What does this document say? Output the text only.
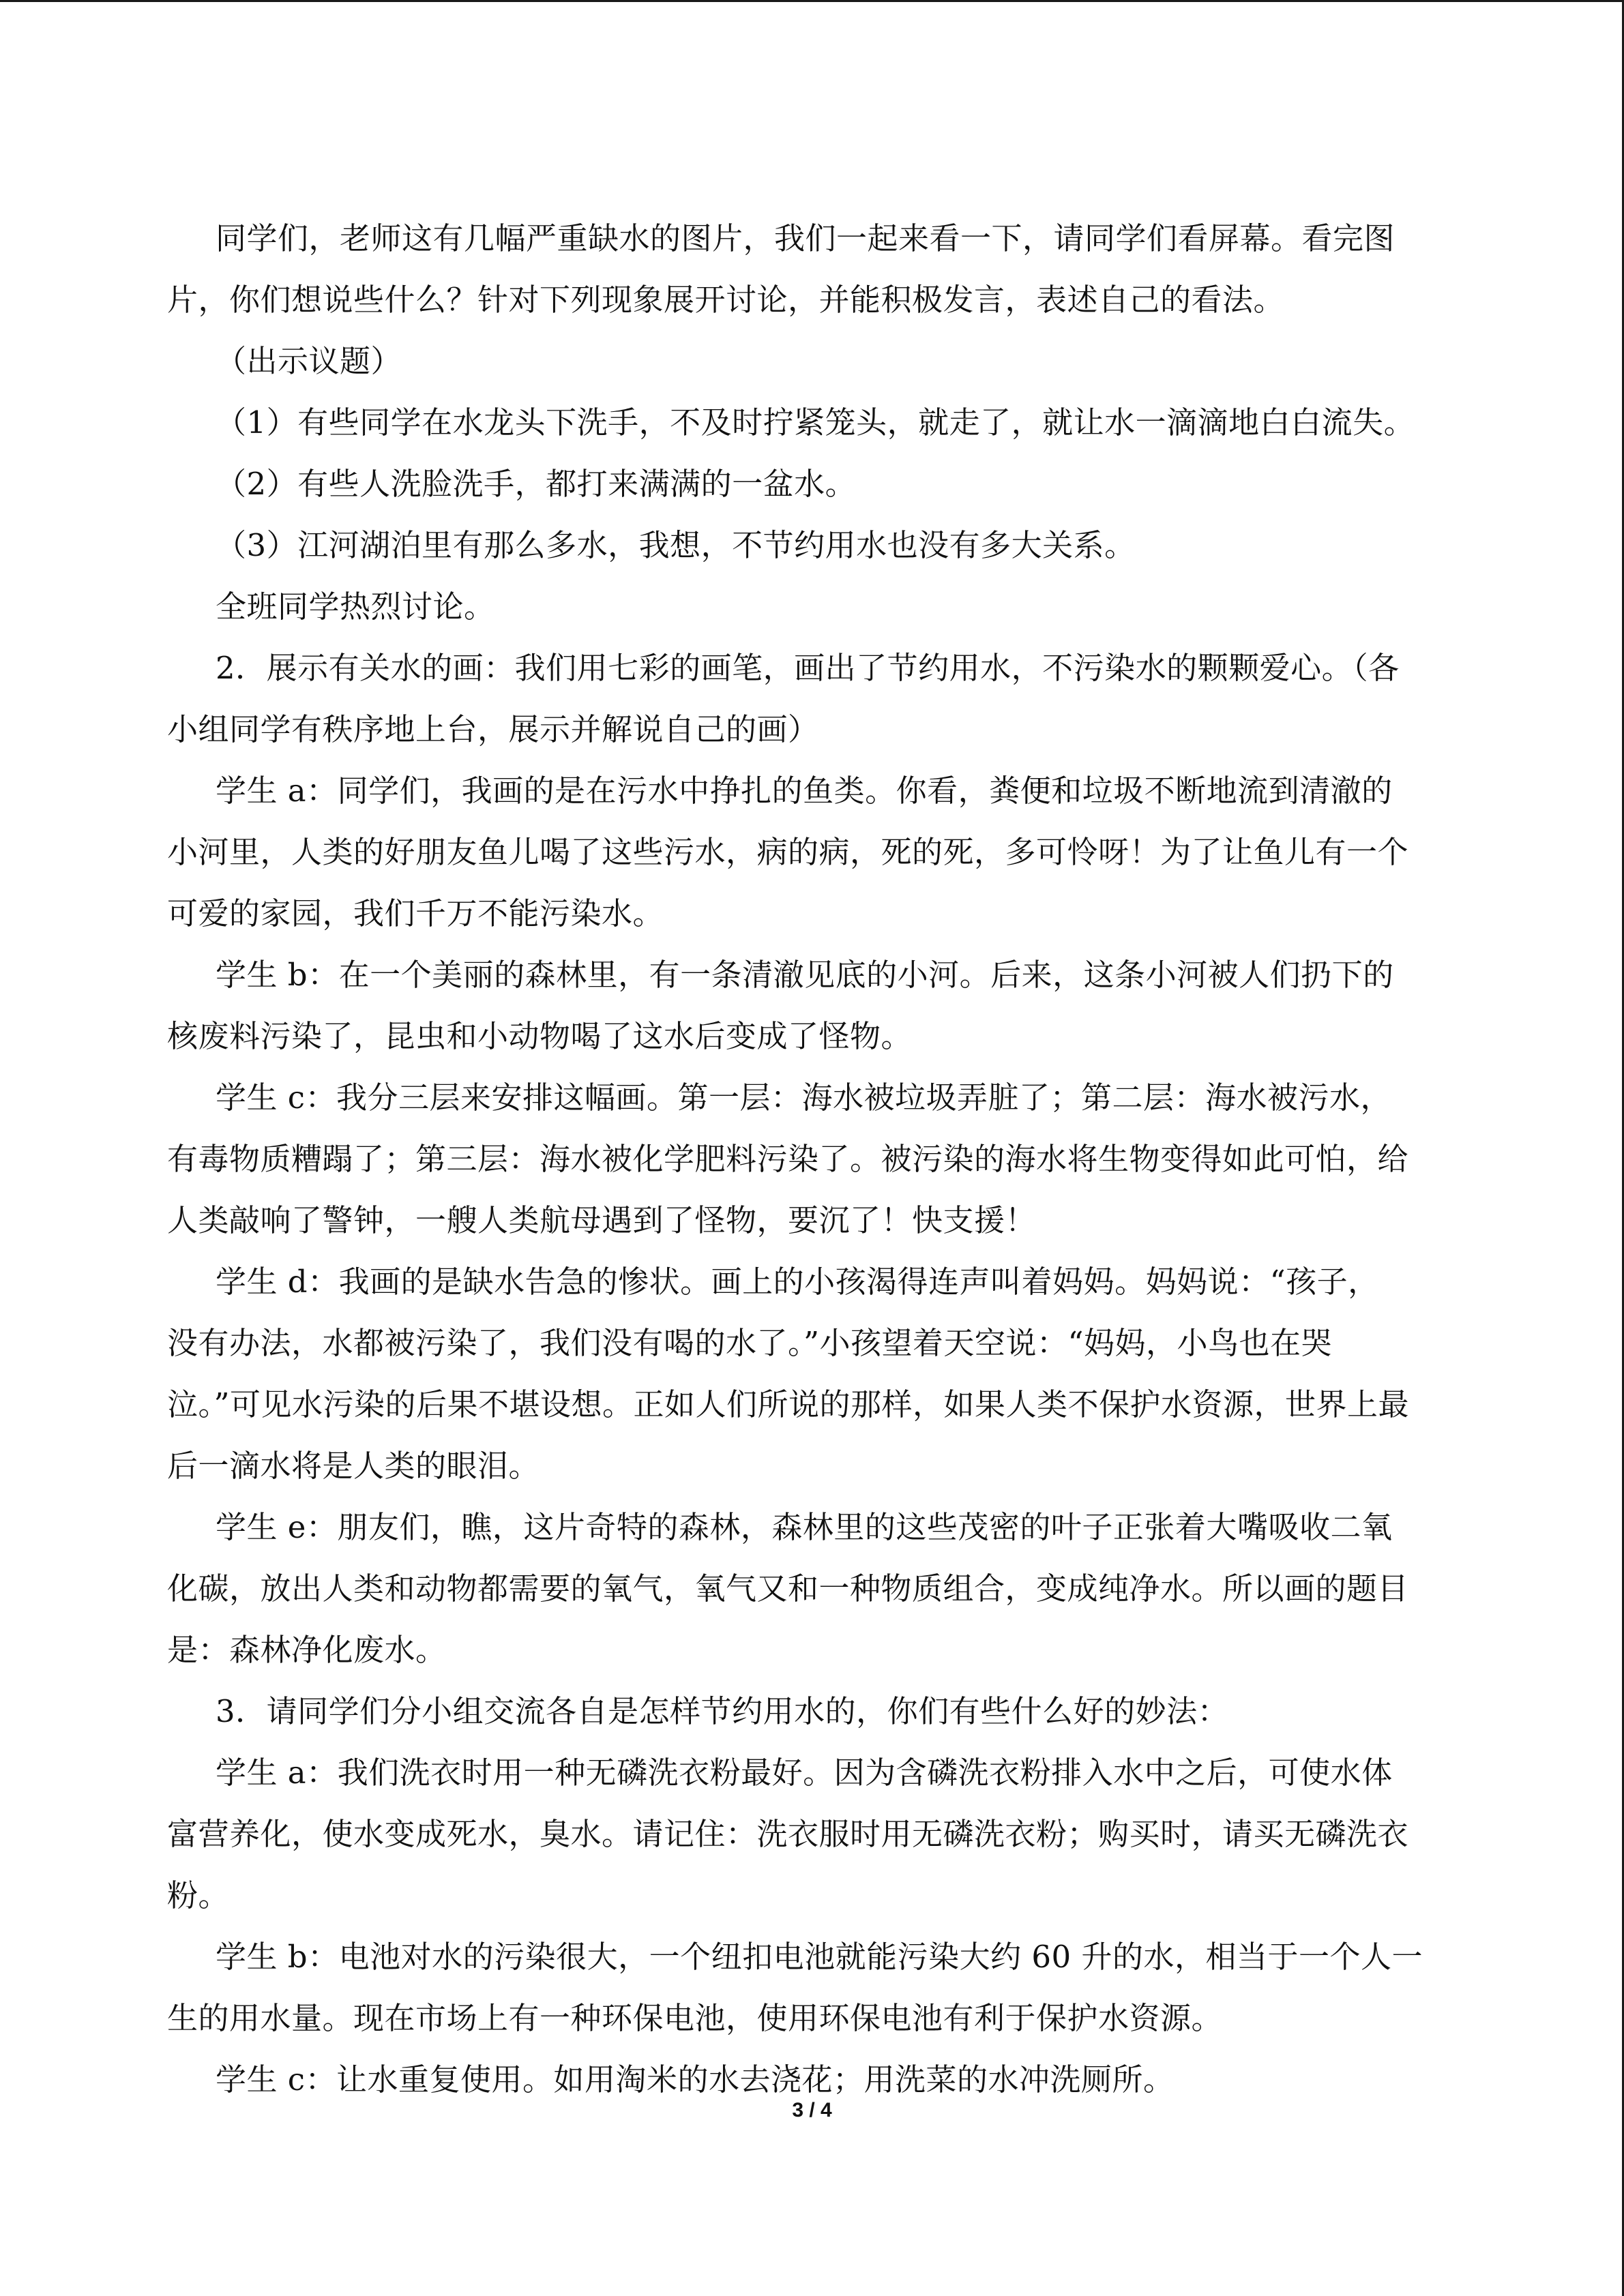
同学们，老师这有几幅严重缺水的图片，我们一起来看一下，请同学们看屏幕。看完图
片，你们想说些什么？针对下列现象展开讨论，并能积极发言，表述自己的看法。

（出示议题）

（1）有些同学在水龙头下洗手，不及时拧紧笼头，就走了，就让水一滴滴地白白流失。

（2）有些人洗脸洗手，都打来满满的一盆水。

（3）江河湖泊里有那么多水，我想，不节约用水也没有多大关系。

全班同学热烈讨论。

2．展示有关水的画：我们用七彩的画笔，画出了节约用水，不污染水的颗颗爱心。（各
小组同学有秩序地上台，展示并解说自己的画）

学生 a：同学们，我画的是在污水中挣扎的鱼类。你看，粪便和垃圾不断地流到清澈的
小河里，人类的好朋友鱼儿喝了这些污水，病的病，死的死，多可怜呀！为了让鱼儿有一个
可爱的家园，我们千万不能污染水。

学生 b：在一个美丽的森林里，有一条清澈见底的小河。后来，这条小河被人们扔下的
核废料污染了，昆虫和小动物喝了这水后变成了怪物。

学生 c：我分三层来安排这幅画。第一层：海水被垃圾弄脏了；第二层：海水被污水，
有毒物质糟蹋了；第三层：海水被化学肥料污染了。被污染的海水将生物变得如此可怕，给
人类敲响了警钟，一艘人类航母遇到了怪物，要沉了！快支援！

学生 d：我画的是缺水告急的惨状。画上的小孩渴得连声叫着妈妈。妈妈说：“孩子，
没有办法，水都被污染了，我们没有喝的水了。”小孩望着天空说：“妈妈，小鸟也在哭
泣。”可见水污染的后果不堪设想。正如人们所说的那样，如果人类不保护水资源，世界上最
后一滴水将是人类的眼泪。

学生 e：朋友们，瞧，这片奇特的森林，森林里的这些茂密的叶子正张着大嘴吸收二氧
化碳，放出人类和动物都需要的氧气，氧气又和一种物质组合，变成纯净水。所以画的题目
是：森林净化废水。

3．请同学们分小组交流各自是怎样节约用水的，你们有些什么好的妙法：

学生 a：我们洗衣时用一种无磷洗衣粉最好。因为含磷洗衣粉排入水中之后，可使水体
富营养化，使水变成死水，臭水。请记住：洗衣服时用无磷洗衣粉；购买时，请买无磷洗衣
粉。

学生 b：电池对水的污染很大，一个纽扣电池就能污染大约 60 升的水，相当于一个人一
生的用水量。现在市场上有一种环保电池，使用环保电池有利于保护水资源。

学生 c：让水重复使用。如用淘米的水去浇花；用洗菜的水冲洗厕所。

3 / 4
